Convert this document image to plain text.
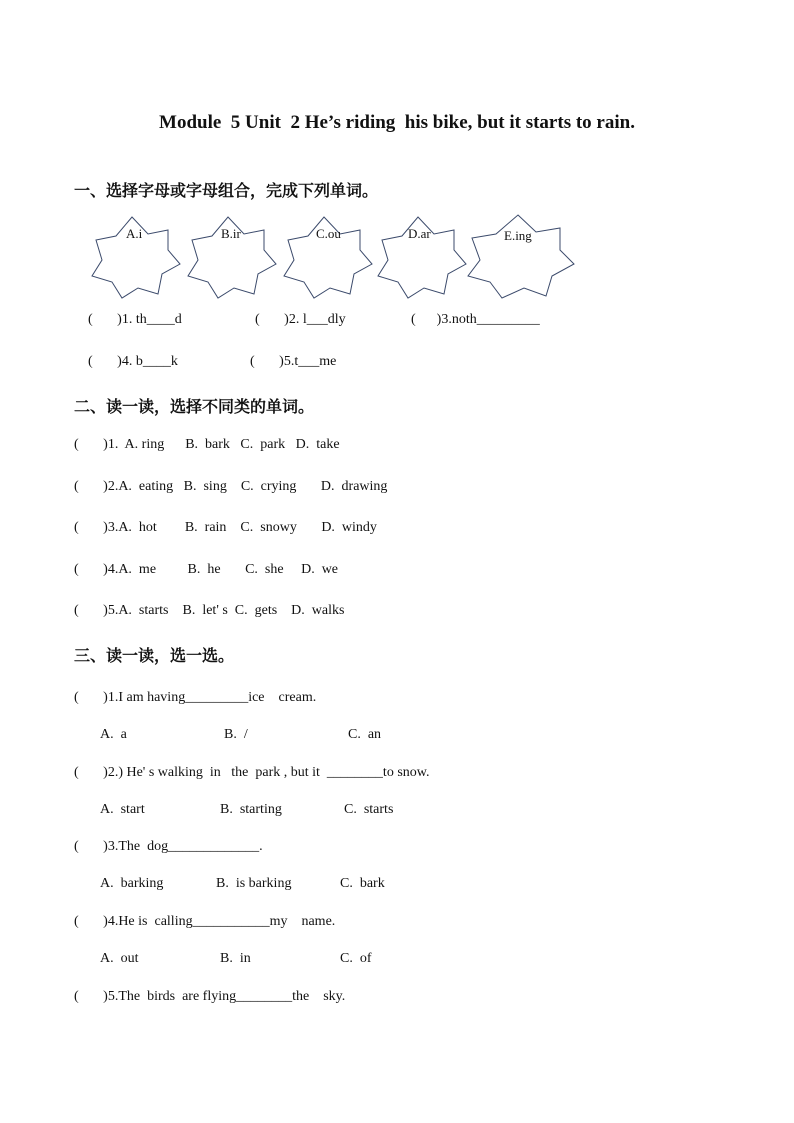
Module  5 Unit  2 He’s riding  his bike, but it starts to rain.
一、选择字母或字母组合，完成下列单词。
A.i	B.ir	C.ou	D.ar	E.ing
(       )1. th____d	(       )2. l___dly	(      )3.noth_________
(       )4. b____k	(       )5.t___me
二、读一读，选择不同类的单词。
(       )1.  A. ring      B.  bark   C.  park   D.  take
(       )2.A.  eating   B.  sing    C.  crying       D.  drawing
(       )3.A.  hot        B.  rain    C.  snowy       D.  windy
(       )4.A.  me         B.  he       C.  she     D.  we
(       )5.A.  starts    B.  let' s  C.  gets    D.  walks
三、读一读，选一选。
(       )1.I am having_________ice    cream.
A.  a	B.  /	C.  an
(       )2.) He' s walking  in   the  park , but it  ________to snow.
A.  start	B.  starting	C.  starts
(       )3.The  dog_____________.
A.  barking	B.  is barking	C.  bark
(       )4.He is  calling___________my    name.
A.  out	B.  in	C.  of
(       )5.The  birds  are flying________the    sky.
